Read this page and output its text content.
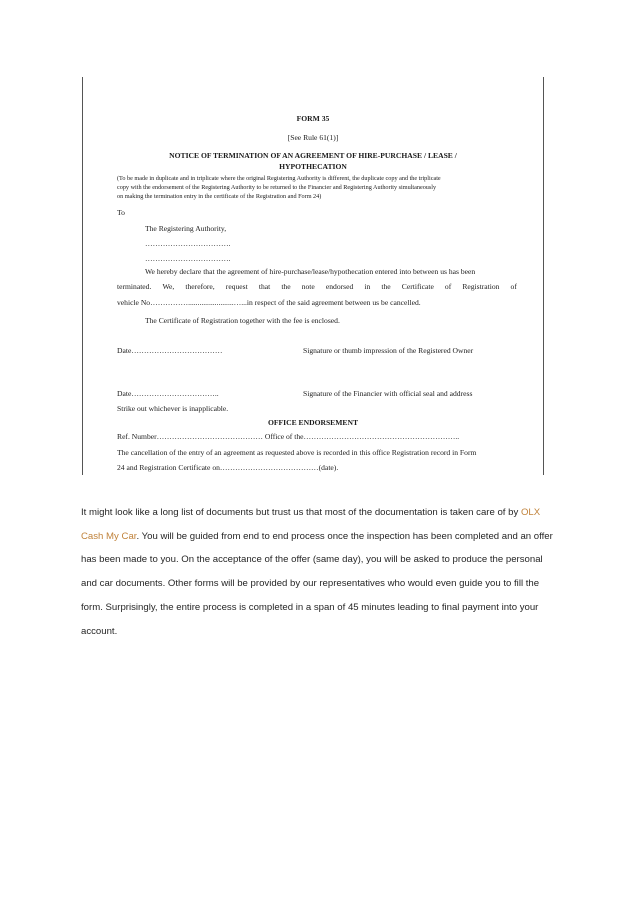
FORM 35
[See Rule 61(1)]
NOTICE OF TERMINATION OF AN AGREEMENT OF HIRE-PURCHASE / LEASE /
HYPOTHECATION
(To be made in duplicate and in triplicate where the original Registering Authority is different, the duplicate copy and the triplicate
copy with the endorsement of the Registering Authority to be returned to the Financier and Registering Authority simultaneously
on making the termination entry in the certificate of the Registration and Form 24)
To
The Registering Authority,
…………………………….
…………………………….
We hereby declare that the agreement of hire-purchase/lease/hypothecation entered into between us has been
terminated. We, therefore, request that the note endorsed in the Certificate of Registration of
vehicle No……………........................…...in respect of the said agreement between us be cancelled.
The Certificate of Registration together with the fee is enclosed.
Date………………………………	Signature or thumb impression of the Registered Owner
Date……………………………..	Signature of the Financier with official seal and address
Strike out whichever is inapplicable.
OFFICE ENDORSEMENT
Ref. Number…………………………………… Office of the……………………………………………………..
The cancellation of the entry of an agreement as requested above is recorded in this office Registration record in Form
24 and Registration Certificate on…………………………………(date).

It might look like a long list of documents but trust us that most of the documentation is taken care of by OLX Cash My Car. You will be guided from end to end process once the inspection has been completed and an offer has been made to you. On the acceptance of the offer (same day), you will be asked to produce the personal and car documents. Other forms will be provided by our representatives who would even guide you to fill the form. Surprisingly, the entire process is completed in a span of 45 minutes leading to final payment into your account.
